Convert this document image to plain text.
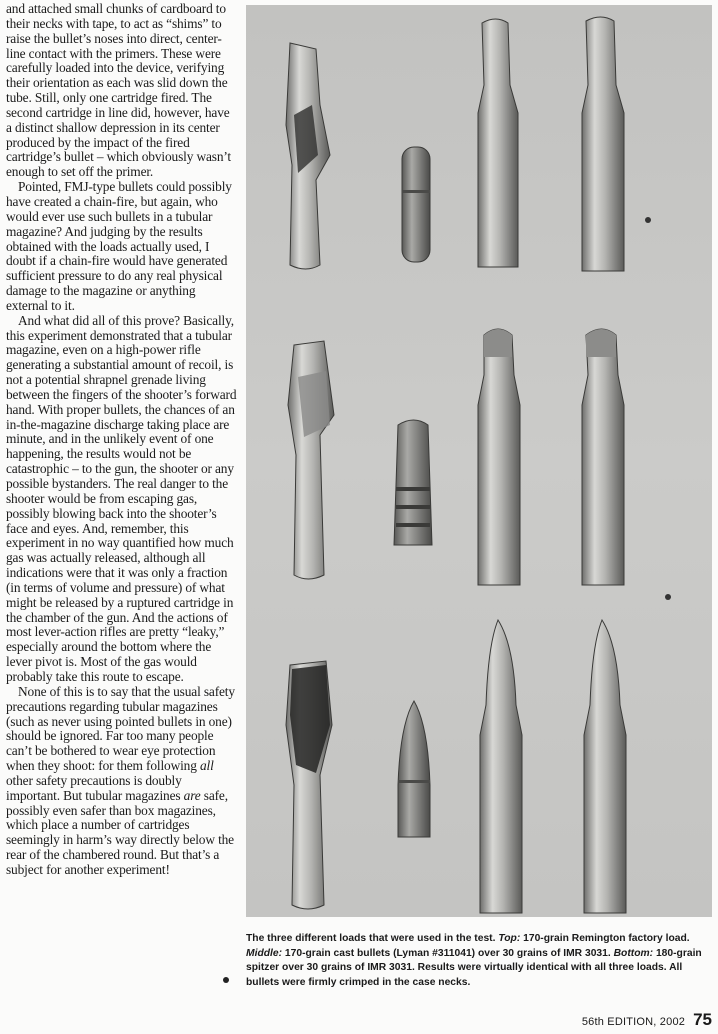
and attached small chunks of cardboard to their necks with tape, to act as “shims” to raise the bullet’s noses into direct, center-line contact with the primers. These were carefully loaded into the device, verifying their orientation as each was slid down the tube. Still, only one cartridge fired. The second cartridge in line did, however, have a distinct shallow depression in its center produced by the impact of the fired cartridge’s bullet – which obviously wasn’t enough to set off the primer.

Pointed, FMJ-type bullets could possibly have created a chain-fire, but again, who would ever use such bullets in a tubular magazine? And judging by the results obtained with the loads actually used, I doubt if a chain-fire would have generated sufficient pressure to do any real physical damage to the magazine or anything external to it.

And what did all of this prove? Basically, this experiment demonstrated that a tubular magazine, even on a high-power rifle generating a substantial amount of recoil, is not a potential shrapnel grenade living between the fingers of the shooter’s forward hand. With proper bullets, the chances of an in-the-magazine discharge taking place are minute, and in the unlikely event of one happening, the results would not be catastrophic – to the gun, the shooter or any possible bystanders. The real danger to the shooter would be from escaping gas, possibly blowing back into the shooter’s face and eyes. And, remember, this experiment in no way quantified how much gas was actually released, although all indications were that it was only a fraction (in terms of volume and pressure) of what might be released by a ruptured cartridge in the chamber of the gun. And the actions of most lever-action rifles are pretty “leaky,” especially around the bottom where the lever pivot is. Most of the gas would probably take this route to escape.

None of this is to say that the usual safety precautions regarding tubular magazines (such as never using pointed bullets in one) should be ignored. Far too many people can’t be bothered to wear eye protection when they shoot: for them following all other safety precautions is doubly important. But tubular magazines are safe, possibly even safer than box magazines, which place a number of cartridges seemingly in harm’s way directly below the rear of the chambered round. But that’s a subject for another experiment!

The three different loads that were used in the test. Top: 170-grain Remington factory load. Middle: 170-grain cast bullets (Lyman #311041) over 30 grains of IMR 3031. Bottom: 180-grain spitzer over 30 grains of IMR 3031. Results were virtually identical with all three loads. All bullets were firmly crimped in the case necks.
56th EDITION, 2002 75
